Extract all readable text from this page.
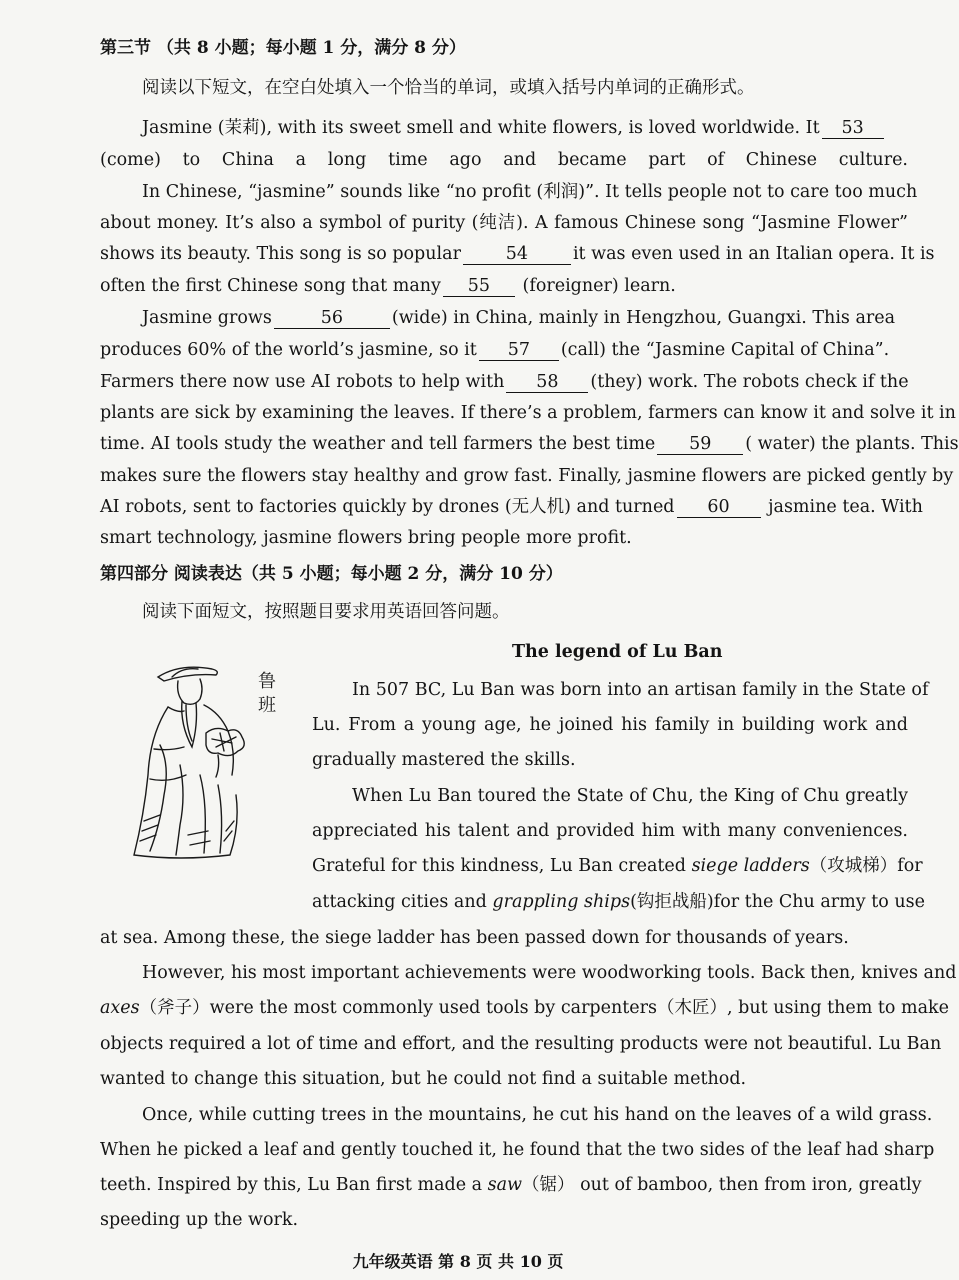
第三节 （共 8 小题；每小题 1 分，满分 8 分）
阅读以下短文，在空白处填入一个恰当的单词，或填入括号内单词的正确形式。
Jasmine (茉莉), with its sweet smell and white flowers, is loved worldwide. It 53
(come) to China a long time ago and became part of Chinese culture.
In Chinese, “jasmine” sounds like “no profit (利润)”. It tells people not to care too much
about money. It’s also a symbol of purity (纯洁). A famous Chinese song “Jasmine Flower”
shows its beauty. This song is so popular	54	it was even used in an Italian opera. It is
often the first Chinese song that many 55 (foreigner) learn.
Jasmine grows	56	(wide) in China, mainly in Hengzhou, Guangxi. This area
produces 60% of the world’s jasmine, so it 57 (call) the “Jasmine Capital of China”.
Farmers there now use AI robots to help with 58 (they) work. The robots check if the
plants are sick by examining the leaves. If there’s a problem, farmers can know it and solve it in
time. AI tools study the weather and tell farmers the best time 59 ( water) the plants. This
makes sure the flowers stay healthy and grow fast. Finally, jasmine flowers are picked gently by
AI robots, sent to factories quickly by drones (无人机) and turned 60 jasmine tea. With
smart technology, jasmine flowers bring people more profit.
第四部分 阅读表达（共 5 小题；每小题 2 分，满分 10 分）
阅读下面短文，按照题目要求用英语回答问题。
The legend of Lu Ban
鲁
班
In 507 BC, Lu Ban was born into an artisan family in the State of
Lu. From a young age, he joined his family in building work and
gradually mastered the skills.
When Lu Ban toured the State of Chu, the King of Chu greatly
appreciated his talent and provided him with many conveniences.
Grateful for this kindness, Lu Ban created siege ladders（攻城梯）for
attacking cities and grappling ships(钩拒战船)for the Chu army to use
at sea. Among these, the siege ladder has been passed down for thousands of years.
However, his most important achievements were woodworking tools. Back then, knives and
axes（斧子）were the most commonly used tools by carpenters（木匠）, but using them to make
objects required a lot of time and effort, and the resulting products were not beautiful. Lu Ban
wanted to change this situation, but he could not find a suitable method.
Once, while cutting trees in the mountains, he cut his hand on the leaves of a wild grass.
When he picked a leaf and gently touched it, he found that the two sides of the leaf had sharp
teeth. Inspired by this, Lu Ban first made a saw（锯） out of bamboo, then from iron, greatly
speeding up the work.
九年级英语 第 8 页 共 10 页
